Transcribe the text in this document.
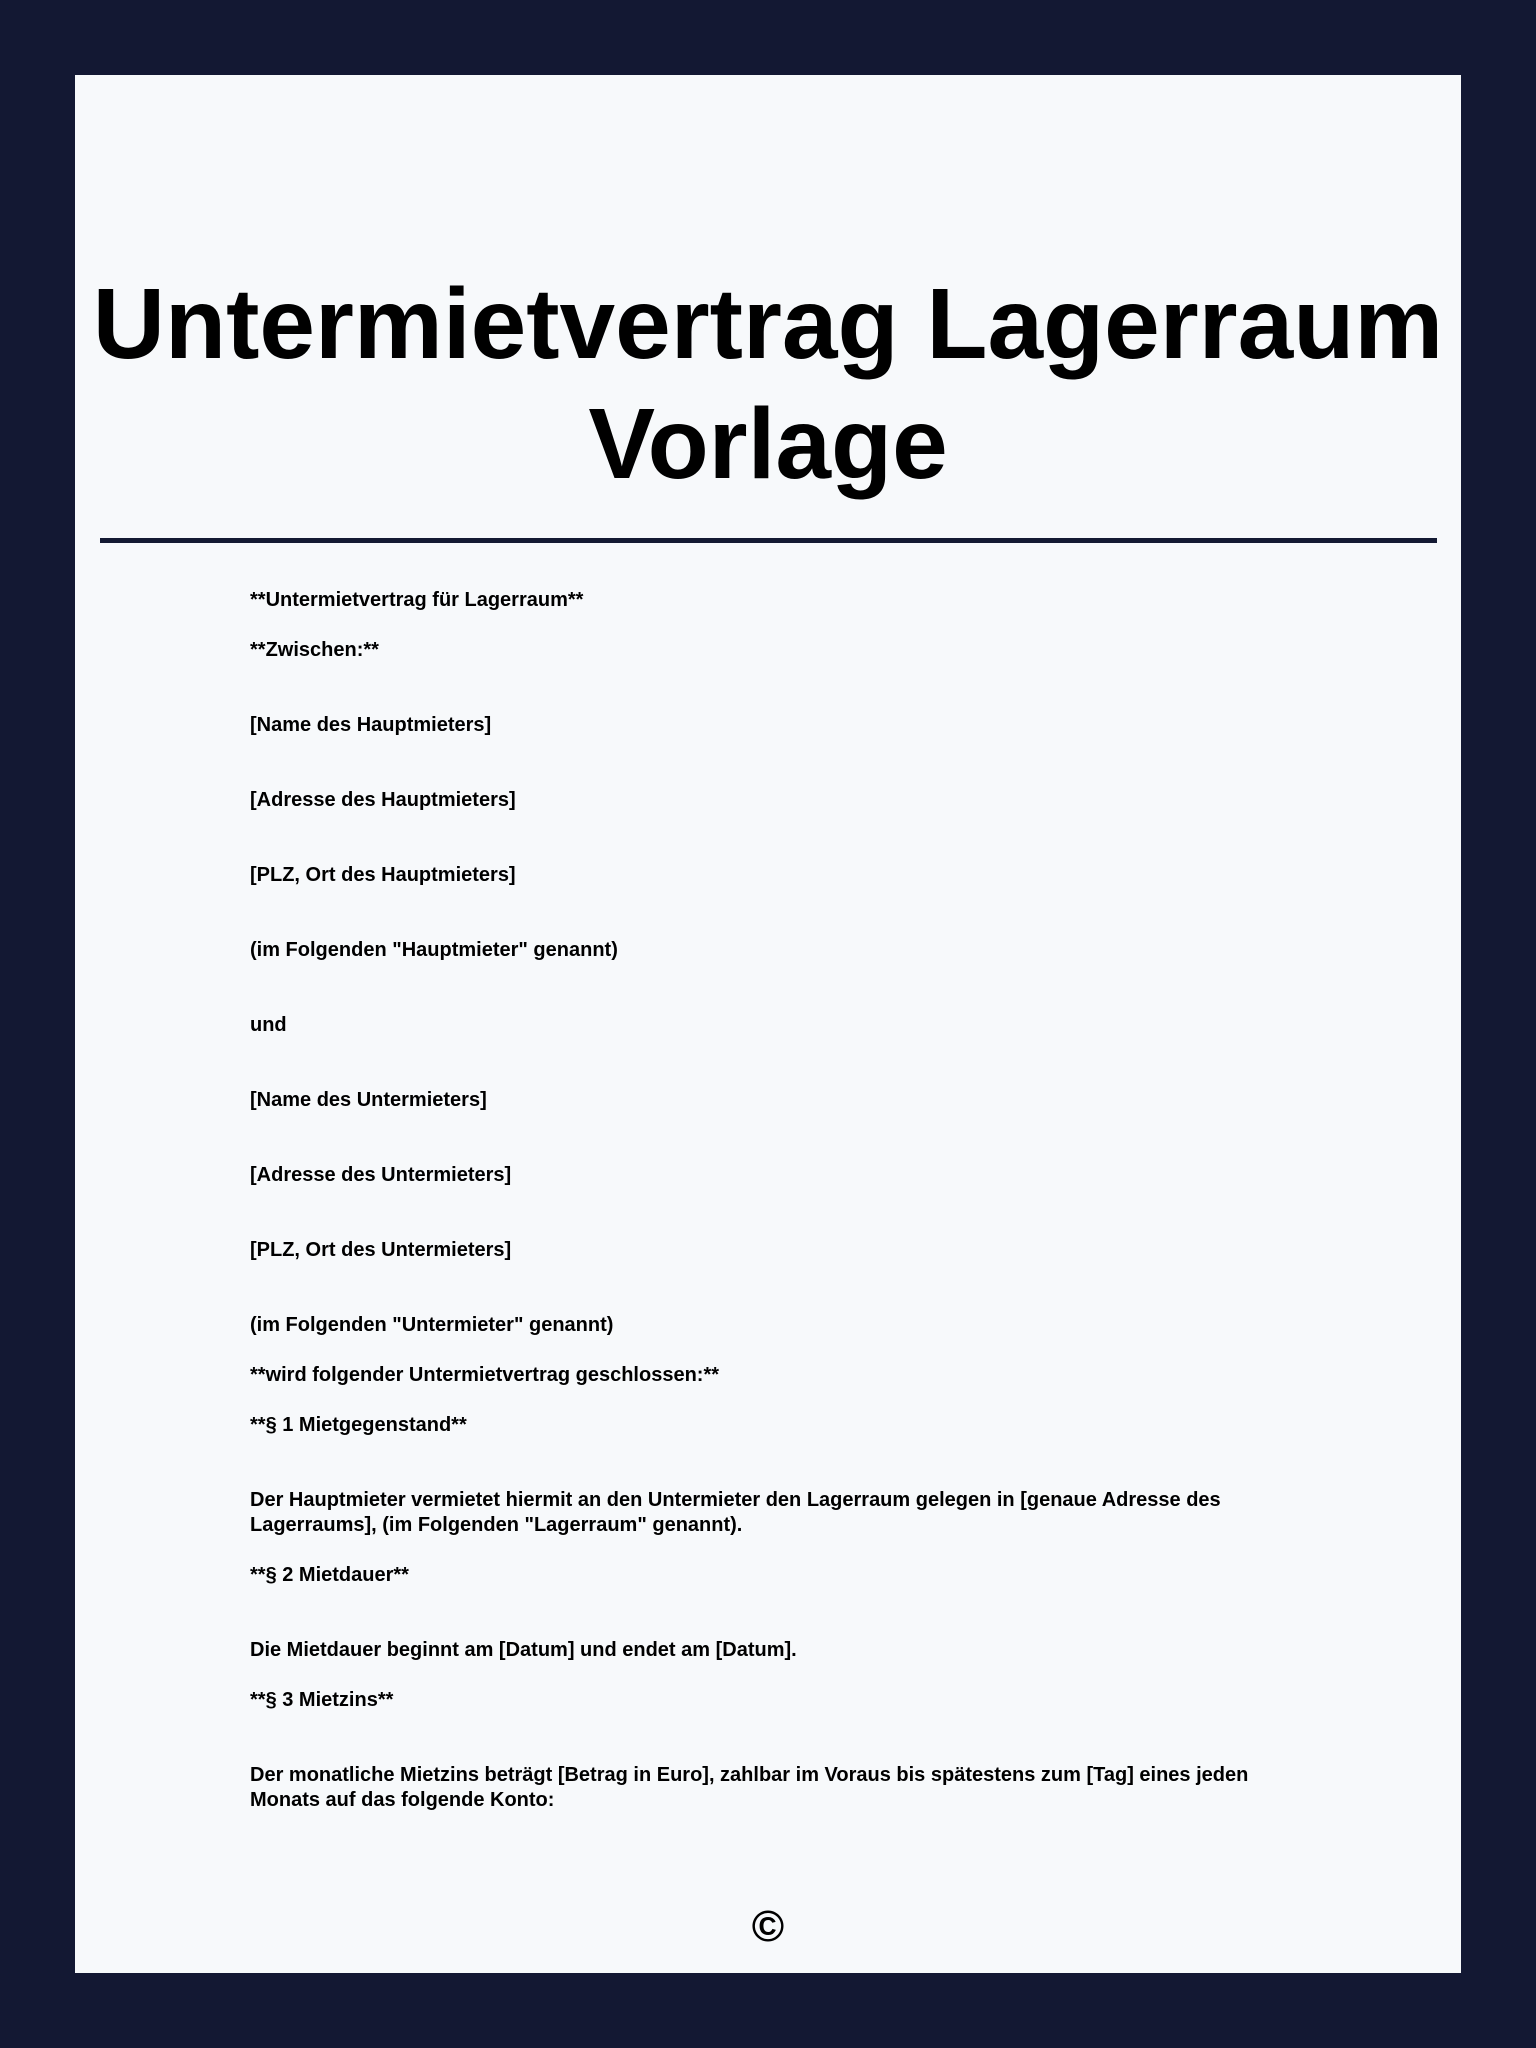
Untermietvertrag Lagerraum
Vorlage

**Untermietvertrag für Lagerraum**

**Zwischen:**

[Name des Hauptmieters]

[Adresse des Hauptmieters]

[PLZ, Ort des Hauptmieters]

(im Folgenden "Hauptmieter" genannt)

und

[Name des Untermieters]

[Adresse des Untermieters]

[PLZ, Ort des Untermieters]

(im Folgenden "Untermieter" genannt)

**wird folgender Untermietvertrag geschlossen:**

**§ 1 Mietgegenstand**

Der Hauptmieter vermietet hiermit an den Untermieter den Lagerraum gelegen in [genaue Adresse des Lagerraums], (im Folgenden "Lagerraum" genannt).

**§ 2 Mietdauer**

Die Mietdauer beginnt am [Datum] und endet am [Datum].

**§ 3 Mietzins**

Der monatliche Mietzins beträgt [Betrag in Euro], zahlbar im Voraus bis spätestens zum [Tag] eines jeden Monats auf das folgende Konto:

©
